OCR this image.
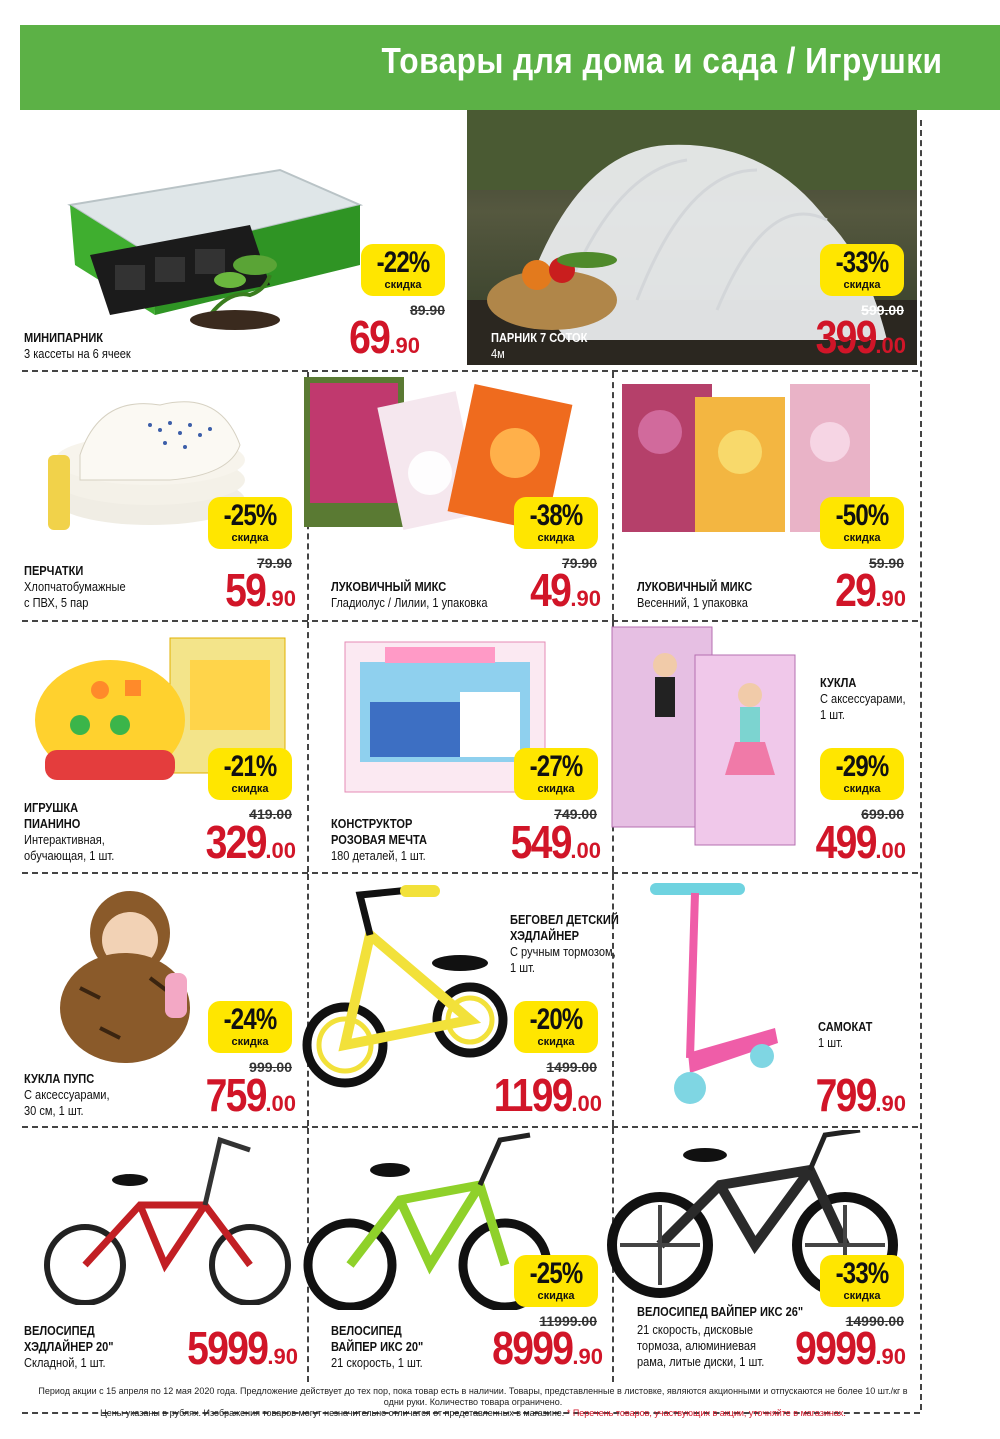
Товары для дома и сада / Игрушки
МИНИПАРНИК
3 кассеты на 6 ячеек
-22%
скидка
89.90
69.90	ПАРНИК 7 СОТОК
4м
-33%
скидка
599.00
399.00
ПЕРЧАТКИ
Хлопчатобумажные
с ПВХ, 5 пар
-25%
скидка
79.90
59.90	ЛУКОВИЧНЫЙ МИКС
Гладиолус / Лилии, 1 упаковка
-38%
скидка
79.90
49.90	ЛУКОВИЧНЫЙ МИКС
Весенний, 1 упаковка
-50%
скидка
59.90
29.90
ИГРУШКА
ПИАНИНО
Интерактивная,
обучающая, 1 шт.
-21%
скидка
419.00
329.00
КОНСТРУКТОР
РОЗОВАЯ МЕЧТА
180 деталей, 1 шт.
-27%
скидка
749.00
549.00
КУКЛА
С аксессуарами,
1 шт.
-29%
скидка
699.00
499.00
КУКЛА ПУПС
С аксессуарами,
30 см, 1 шт.
-24%
скидка
999.00
759.00
БЕГОВЕЛ ДЕТСКИЙ
ХЭДЛАЙНЕР
С ручным тормозом,
1 шт.
-20%
скидка
1499.00
1199.00
САМОКАТ
1 шт.
799.90
ВЕЛОСИПЕД
ХЭДЛАЙНЕР 20"
Складной, 1 шт.	5999.90
ВЕЛОСИПЕД
ВАЙПЕР ИКС 20"
21 скорость, 1 шт.
-25%
скидка
11999.00
8999.90
ВЕЛОСИПЕД ВАЙПЕР ИКС 26"
21 скорость, дисковые
тормоза, алюминиевая
рама, литые диски, 1 шт.
-33%
скидка
14990.00
9999.90
Период акции с 15 апреля по 12 мая 2020 года. Предложение действует до тех пор, пока товар есть в наличии. Товары, представленные в листовке, являются акционными и отпускаются не более 10 шт./кг в одни руки. Количество товара ограничено.
Цены указаны в рублях. Изображения товаров могут незначительно отличатся от представленных в магазине. * Перечень товаров, участвующих в акции, уточняйте в магазинах.
